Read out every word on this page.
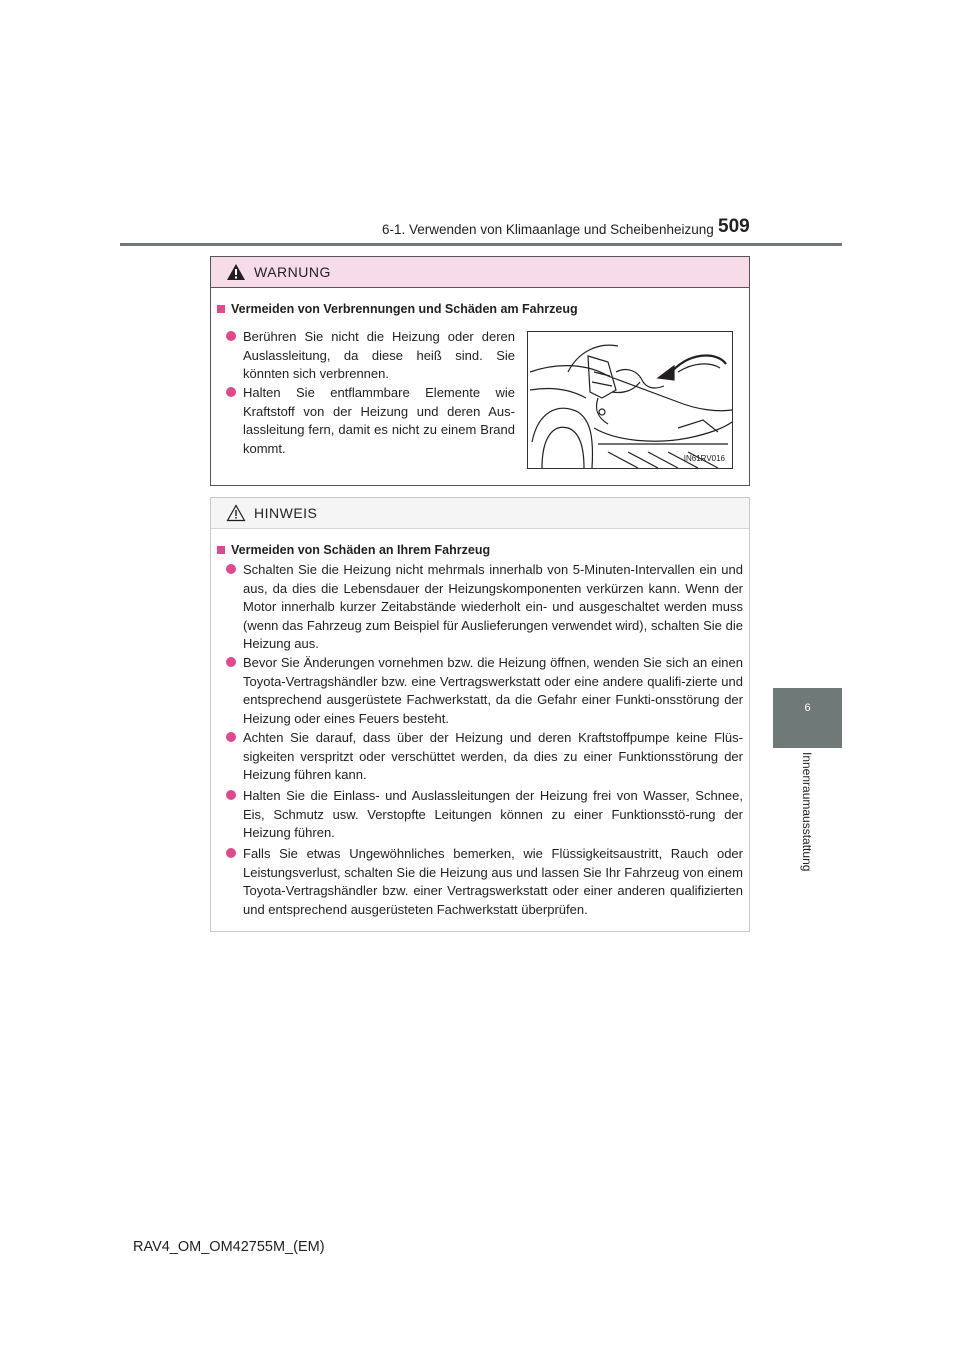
6-1. Verwenden von Klimaanlage und Scheibenheizung 509
6
Innenraumausstattung
WARNUNG
Vermeiden von Verbrennungen und Schäden am Fahrzeug
Berühren Sie nicht die Heizung oder deren Auslassleitung, da diese heiß sind. Sie könnten sich verbrennen.
Halten Sie entflammbare Elemente wie Kraftstoff von der Heizung und deren Aus-lassleitung fern, damit es nicht zu einem Brand kommt.
IN61RV016
HINWEIS
Vermeiden von Schäden an Ihrem Fahrzeug
Schalten Sie die Heizung nicht mehrmals innerhalb von 5-Minuten-Intervallen ein und aus, da dies die Lebensdauer der Heizungskomponenten verkürzen kann. Wenn der Motor innerhalb kurzer Zeitabstände wiederholt ein- und ausgeschaltet werden muss (wenn das Fahrzeug zum Beispiel für Auslieferungen verwendet wird), schalten Sie die Heizung aus.
Bevor Sie Änderungen vornehmen bzw. die Heizung öffnen, wenden Sie sich an einen Toyota-Vertragshändler bzw. eine Vertragswerkstatt oder eine andere qualifi-zierte und entsprechend ausgerüstete Fachwerkstatt, da die Gefahr einer Funkti-onsstörung der Heizung oder eines Feuers besteht.
Achten Sie darauf, dass über der Heizung und deren Kraftstoffpumpe keine Flüs-sigkeiten verspritzt oder verschüttet werden, da dies zu einer Funktionsstörung der Heizung führen kann.
Halten Sie die Einlass- und Auslassleitungen der Heizung frei von Wasser, Schnee, Eis, Schmutz usw. Verstopfte Leitungen können zu einer Funktionsstö-rung der Heizung führen.
Falls Sie etwas Ungewöhnliches bemerken, wie Flüssigkeitsaustritt, Rauch oder Leistungsverlust, schalten Sie die Heizung aus und lassen Sie Ihr Fahrzeug von einem Toyota-Vertragshändler bzw. einer Vertragswerkstatt oder einer anderen qualifizierten und entsprechend ausgerüsteten Fachwerkstatt überprüfen.
RAV4_OM_OM42755M_(EM)
